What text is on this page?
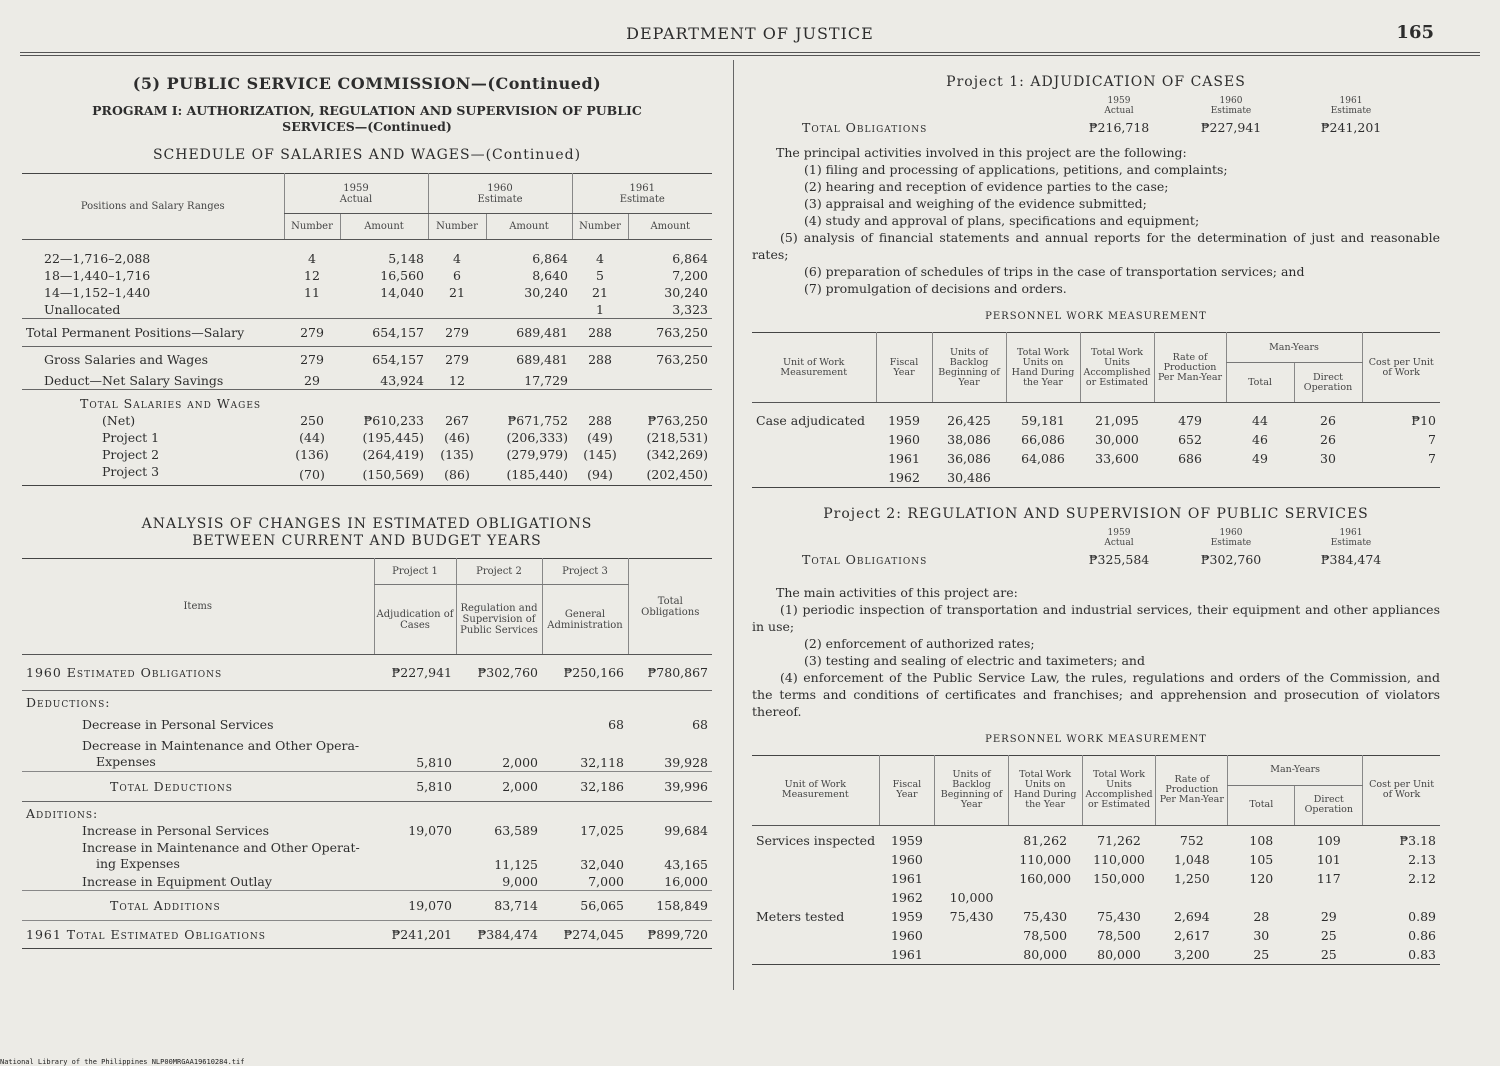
DEPARTMENT OF JUSTICE	165
(5) PUBLIC SERVICE COMMISSION—(Continued)
PROGRAM I: AUTHORIZATION, REGULATION AND SUPERVISION OF PUBLIC SERVICES—(Continued)
SCHEDULE OF SALARIES AND WAGES—(Continued)
Positions and Salary Ranges	1959
Actual		1960
Estimate		1961
Estimate	
	Number	Amount	Number	Amount	Number	Amount

22—1,716–2,088	4	5,148	4	6,864	4	6,864
18—1,440–1,716	12	16,560	6	8,640	5	7,200
14—1,152–1,440	11	14,040	21	30,240	21	30,240
Unallocated					1	3,323
Total Permanent Positions—Salary	279	654,157	279	689,481	288	763,250
Gross Salaries and Wages	279	654,157	279	689,481	288	763,250
Deduct—Net Salary Savings	29	43,924	12	17,729		
Total Salaries and Wages						
(Net)	250	₱610,233	267	₱671,752	288	₱763,250
Project 1	(44)	(195,445)	(46)	(206,333)	(49)	(218,531)
Project 2	(136)	(264,419)	(135)	(279,979)	(145)	(342,269)
Project 3	(70)	(150,569)	(86)	(185,440)	(94)	(202,450)
ANALYSIS OF CHANGES IN ESTIMATED OBLIGATIONS
BETWEEN CURRENT AND BUDGET YEARS
Items	Project 1	Project 2	Project 3	Total Obligations
	Adjudication of Cases	Regulation and Supervision of Public Services	General Administration	
1960 Estimated Obligations	₱227,941	₱302,760	₱250,166	₱780,867
Deductions:				
Decrease in Personal Services			68	68
Decrease in Maintenance and Other Opera-
Expenses	5,810	2,000	32,118	39,928
Total Deductions	5,810	2,000	32,186	39,996
Additions:				
Increase in Personal Services	19,070	63,589	17,025	99,684
Increase in Maintenance and Other Operat-
ing Expenses		11,125	32,040	43,165
Increase in Equipment Outlay		9,000	7,000	16,000
Total Additions	19,070	83,714	56,065	158,849
1961 Total Estimated Obligations	₱241,201	₱384,474	₱274,045	₱899,720
Project 1: ADJUDICATION OF CASES
1959
Actual
1960
Estimate
1961
Estimate
Total Obligations	₱216,718	₱227,941	₱241,201

The principal activities involved in this project are the following:

(1) filing and processing of applications, petitions, and complaints;

(2) hearing and reception of evidence parties to the case;

(3) appraisal and weighing of the evidence submitted;

(4) study and approval of plans, specifications and equipment;

(5) analysis of financial statements and annual reports for the determination of just and reasonable rates;

(6) preparation of schedules of trips in the case of transportation services; and

(7) promulgation of decisions and orders.

PERSONNEL WORK MEASUREMENT
Unit of Work Measurement	Fiscal Year	Units of Backlog Beginning of Year	Total Work Units on Hand During the Year	Total Work Units Accomplished or Estimated	Rate of Production Per Man-Year	Man-Years		Cost per Unit of Work
						Total	Direct Operation	

Case adjudicated	1959	26,425	59,181	21,095	479	44	26	₱10
	1960	38,086	66,086	30,000	652	46	26	7
	1961	36,086	64,086	33,600	686	49	30	7
	1962	30,486						
Project 2: REGULATION AND SUPERVISION OF PUBLIC SERVICES
1959
Actual
1960
Estimate
1961
Estimate
Total Obligations	₱325,584	₱302,760	₱384,474

The main activities of this project are:

(1) periodic inspection of transportation and industrial services, their equipment and other appliances in use;

(2) enforcement of authorized rates;

(3) testing and sealing of electric and taximeters; and

(4) enforcement of the Public Service Law, the rules, regulations and orders of the Commission, and the terms and conditions of certificates and franchises; and apprehension and prosecution of violators thereof.

PERSONNEL WORK MEASUREMENT
Unit of Work Measurement	Fiscal Year	Units of Backlog Beginning of Year	Total Work Units on Hand During the Year	Total Work Units Accomplished or Estimated	Rate of Production Per Man-Year	Man-Years		Cost per Unit of Work
						Total	Direct Operation	

Services inspected	1959		81,262	71,262	752	108	109	₱3.18
	1960		110,000	110,000	1,048	105	101	2.13
	1961		160,000	150,000	1,250	120	117	2.12
	1962	10,000						
Meters tested	1959	75,430	75,430	75,430	2,694	28	29	0.89
	1960		78,500	78,500	2,617	30	25	0.86
	1961		80,000	80,000	3,200	25	25	0.83
National Library of the Philippines NLP00MRGAA19610284.tif
